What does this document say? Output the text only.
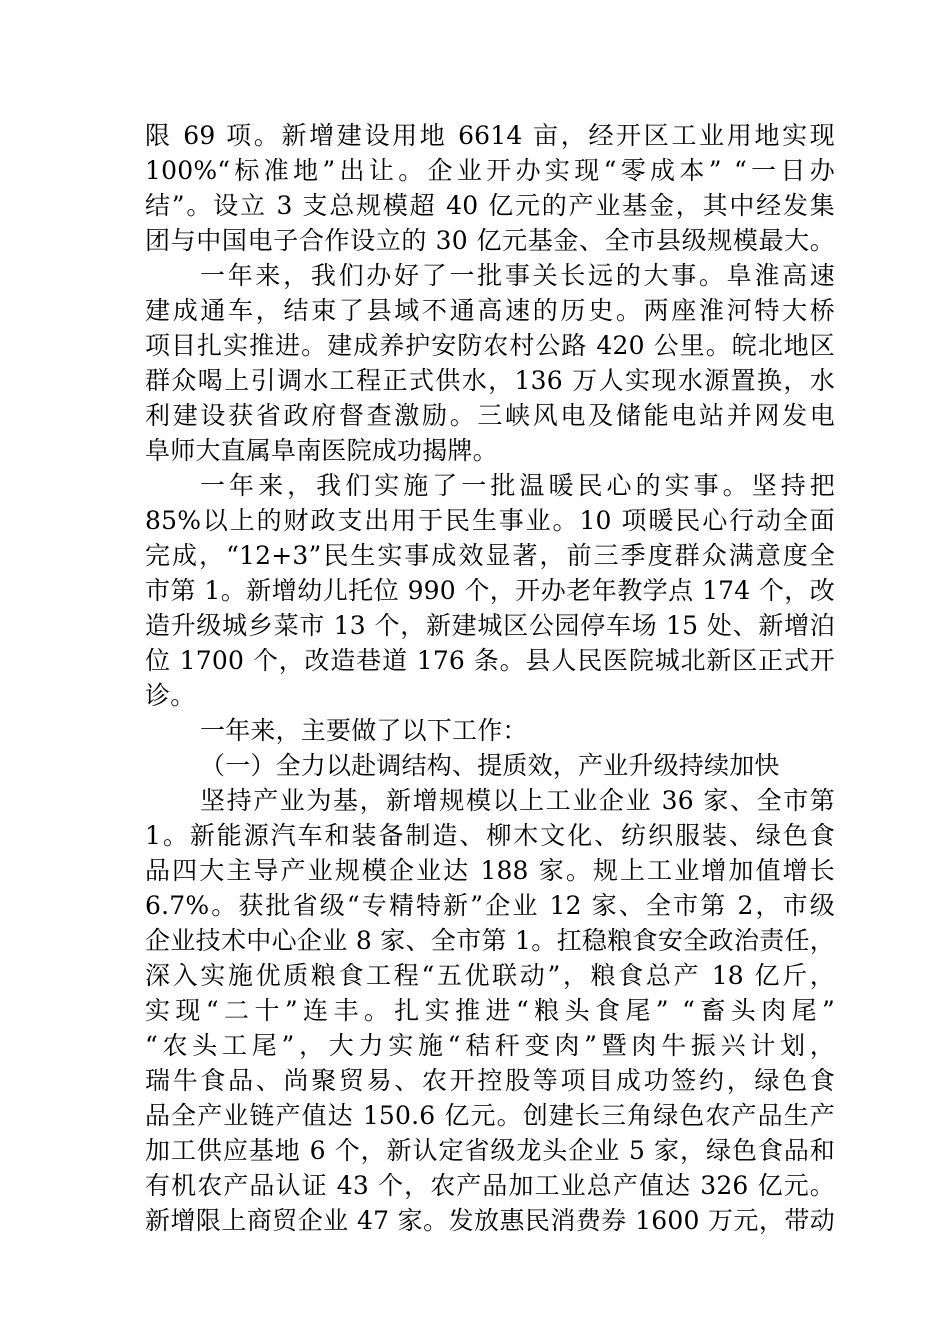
限 69 项。新增建设用地 6614 亩，经开区工业用地实现
100%“标准地”出让。企业开办实现“零成本” “一日办
结”。设立 3 支总规模超 40 亿元的产业基金，其中经发集
团与中国电子合作设立的 30 亿元基金、全市县级规模最大。
一年来，我们办好了一批事关长远的大事。阜淮高速
建成通车，结束了县域不通高速的历史。两座淮河特大桥
项目扎实推进。建成养护安防农村公路 420 公里。皖北地区
群众喝上引调水工程正式供水，136 万人实现水源置换，水
利建设获省政府督查激励。三峡风电及储能电站并网发电
阜师大直属阜南医院成功揭牌。
一年来，我们实施了一批温暖民心的实事。坚持把
85%以上的财政支出用于民生事业。10 项暖民心行动全面
完成，“12+3”民生实事成效显著，前三季度群众满意度全
市第 1。新增幼儿托位 990 个，开办老年教学点 174 个，改
造升级城乡菜市 13 个，新建城区公园停车场 15 处、新增泊
位 1700 个，改造巷道 176 条。县人民医院城北新区正式开
诊。
一年来，主要做了以下工作：
（一）全力以赴调结构、提质效，产业升级持续加快
坚持产业为基，新增规模以上工业企业 36 家、全市第
1。新能源汽车和装备制造、柳木文化、纺织服装、绿色食
品四大主导产业规模企业达 188 家。规上工业增加值增长
6.7%。获批省级“专精特新”企业 12 家、全市第 2，市级
企业技术中心企业 8 家、全市第 1。扛稳粮食安全政治责任，
深入实施优质粮食工程“五优联动”，粮食总产 18 亿斤，
实现“二十”连丰。扎实推进“粮头食尾” “畜头肉尾”
“农头工尾”，大力实施“秸秆变肉”暨肉牛振兴计划，
瑞牛食品、尚聚贸易、农开控股等项目成功签约，绿色食
品全产业链产值达 150.6 亿元。创建长三角绿色农产品生产
加工供应基地 6 个，新认定省级龙头企业 5 家，绿色食品和
有机农产品认证 43 个，农产品加工业总产值达 326 亿元。
新增限上商贸企业 47 家。发放惠民消费券 1600 万元，带动
